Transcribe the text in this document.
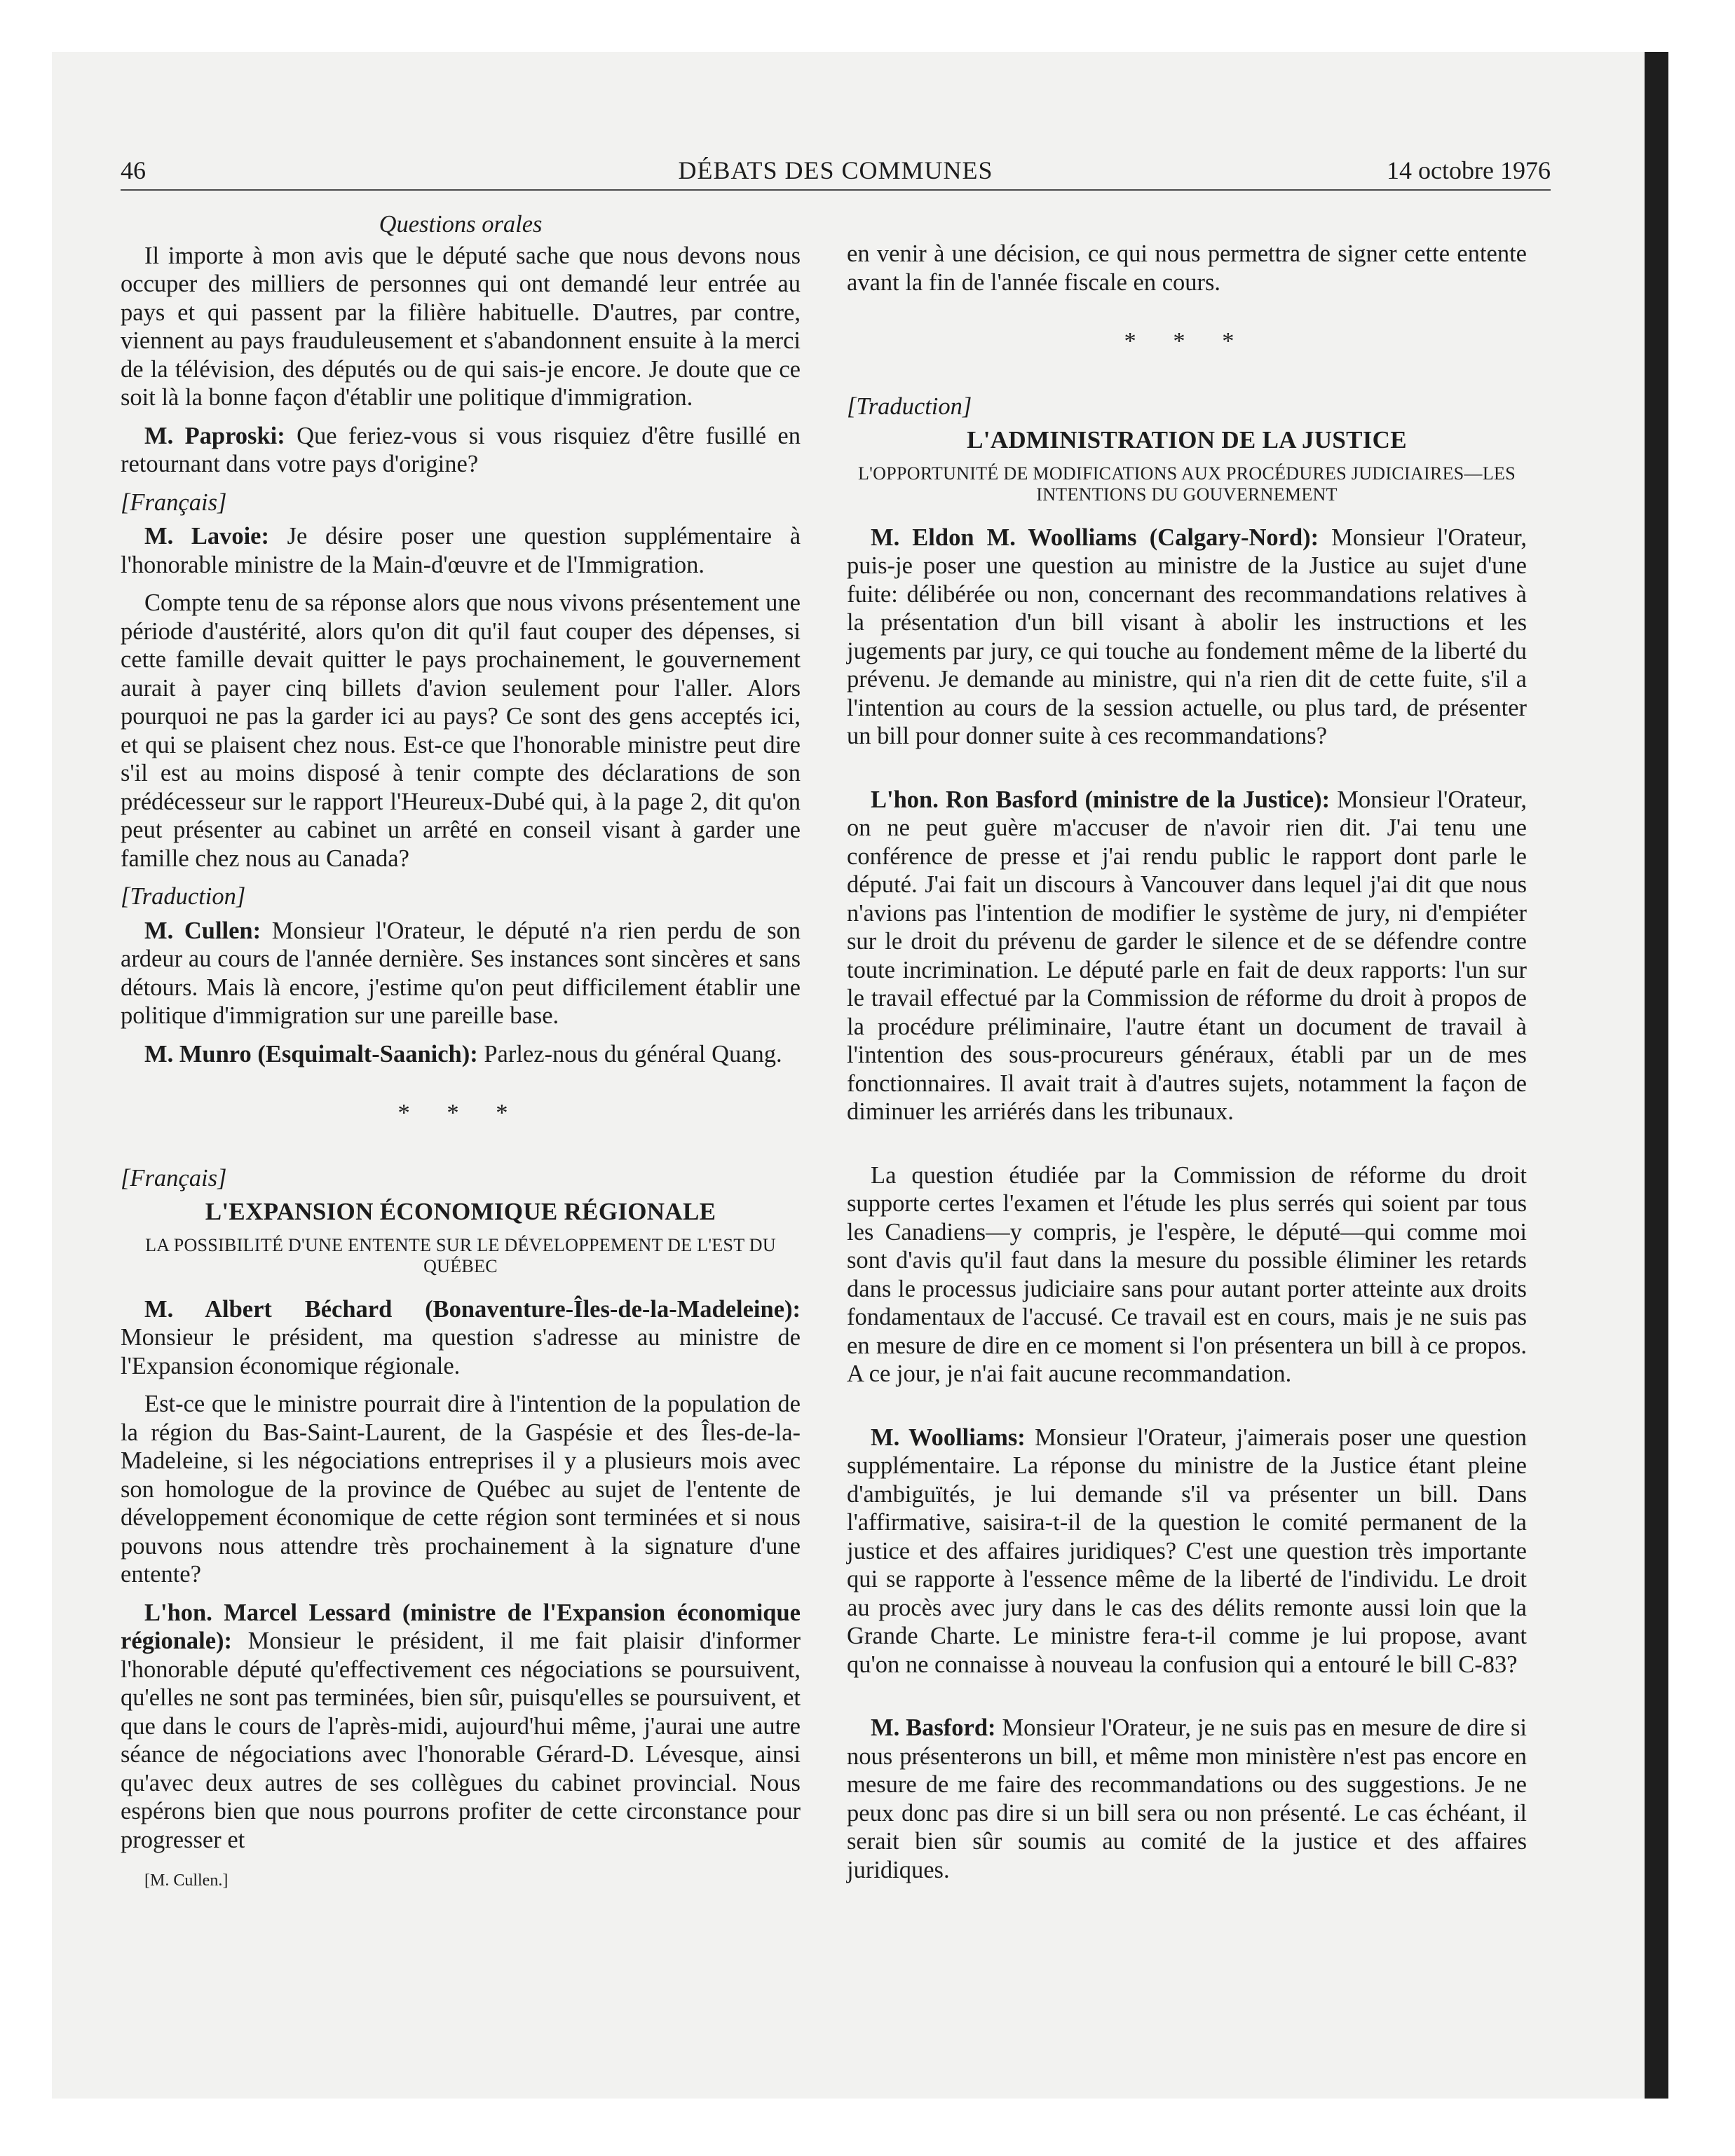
46	DÉBATS DES COMMUNES	14 octobre 1976
Questions orales

Il importe à mon avis que le député sache que nous devons nous occuper des milliers de personnes qui ont demandé leur entrée au pays et qui passent par la filière habituelle. D'autres, par contre, viennent au pays frauduleusement et s'abandonnent ensuite à la merci de la télévision, des députés ou de qui sais-je encore. Je doute que ce soit là la bonne façon d'établir une politique d'immigration.

M. Paproski: Que feriez-vous si vous risquiez d'être fusillé en retournant dans votre pays d'origine?

[Français]

M. Lavoie: Je désire poser une question supplémentaire à l'honorable ministre de la Main-d'œuvre et de l'Immigration.

Compte tenu de sa réponse alors que nous vivons présentement une période d'austérité, alors qu'on dit qu'il faut couper des dépenses, si cette famille devait quitter le pays prochainement, le gouvernement aurait à payer cinq billets d'avion seulement pour l'aller. Alors pourquoi ne pas la garder ici au pays? Ce sont des gens acceptés ici, et qui se plaisent chez nous. Est-ce que l'honorable ministre peut dire s'il est au moins disposé à tenir compte des déclarations de son prédécesseur sur le rapport l'Heureux-Dubé qui, à la page 2, dit qu'on peut présenter au cabinet un arrêté en conseil visant à garder une famille chez nous au Canada?

[Traduction]

M. Cullen: Monsieur l'Orateur, le député n'a rien perdu de son ardeur au cours de l'année dernière. Ses instances sont sincères et sans détours. Mais là encore, j'estime qu'on peut difficilement établir une politique d'immigration sur une pareille base.

M. Munro (Esquimalt-Saanich): Parlez-nous du général Quang.

* * *
[Français]
L'EXPANSION ÉCONOMIQUE RÉGIONALE
LA POSSIBILITÉ D'UNE ENTENTE SUR LE DÉVELOPPEMENT DE L'EST DU QUÉBEC

M. Albert Béchard (Bonaventure-Îles-de-la-Madeleine): Monsieur le président, ma question s'adresse au ministre de l'Expansion économique régionale.

Est-ce que le ministre pourrait dire à l'intention de la population de la région du Bas-Saint-Laurent, de la Gaspésie et des Îles-de-la-Madeleine, si les négociations entreprises il y a plusieurs mois avec son homologue de la province de Québec au sujet de l'entente de développement économique de cette région sont terminées et si nous pouvons nous attendre très prochainement à la signature d'une entente?

L'hon. Marcel Lessard (ministre de l'Expansion économique régionale): Monsieur le président, il me fait plaisir d'informer l'honorable député qu'effectivement ces négociations se poursuivent, qu'elles ne sont pas terminées, bien sûr, puisqu'elles se poursuivent, et que dans le cours de l'après-midi, aujourd'hui même, j'aurai une autre séance de négociations avec l'honorable Gérard-D. Lévesque, ainsi qu'avec deux autres de ses collègues du cabinet provincial. Nous espérons bien que nous pourrons profiter de cette circonstance pour progresser et

[M. Cullen.]

en venir à une décision, ce qui nous permettra de signer cette entente avant la fin de l'année fiscale en cours.

* * *
[Traduction]
L'ADMINISTRATION DE LA JUSTICE
L'OPPORTUNITÉ DE MODIFICATIONS AUX PROCÉDURES JUDICIAIRES—LES INTENTIONS DU GOUVERNEMENT

M. Eldon M. Woolliams (Calgary-Nord): Monsieur l'Orateur, puis-je poser une question au ministre de la Justice au sujet d'une fuite: délibérée ou non, concernant des recommandations relatives à la présentation d'un bill visant à abolir les instructions et les jugements par jury, ce qui touche au fondement même de la liberté du prévenu. Je demande au ministre, qui n'a rien dit de cette fuite, s'il a l'intention au cours de la session actuelle, ou plus tard, de présenter un bill pour donner suite à ces recommandations?

L'hon. Ron Basford (ministre de la Justice): Monsieur l'Orateur, on ne peut guère m'accuser de n'avoir rien dit. J'ai tenu une conférence de presse et j'ai rendu public le rapport dont parle le député. J'ai fait un discours à Vancouver dans lequel j'ai dit que nous n'avions pas l'intention de modifier le système de jury, ni d'empiéter sur le droit du prévenu de garder le silence et de se défendre contre toute incrimination. Le député parle en fait de deux rapports: l'un sur le travail effectué par la Commission de réforme du droit à propos de la procédure préliminaire, l'autre étant un document de travail à l'intention des sous-procureurs généraux, établi par un de mes fonctionnaires. Il avait trait à d'autres sujets, notamment la façon de diminuer les arriérés dans les tribunaux.

La question étudiée par la Commission de réforme du droit supporte certes l'examen et l'étude les plus serrés qui soient par tous les Canadiens—y compris, je l'espère, le député—qui comme moi sont d'avis qu'il faut dans la mesure du possible éliminer les retards dans le processus judiciaire sans pour autant porter atteinte aux droits fondamentaux de l'accusé. Ce travail est en cours, mais je ne suis pas en mesure de dire en ce moment si l'on présentera un bill à ce propos. A ce jour, je n'ai fait aucune recommandation.

M. Woolliams: Monsieur l'Orateur, j'aimerais poser une question supplémentaire. La réponse du ministre de la Justice étant pleine d'ambiguïtés, je lui demande s'il va présenter un bill. Dans l'affirmative, saisira-t-il de la question le comité permanent de la justice et des affaires juridiques? C'est une question très importante qui se rapporte à l'essence même de la liberté de l'individu. Le droit au procès avec jury dans le cas des délits remonte aussi loin que la Grande Charte. Le ministre fera-t-il comme je lui propose, avant qu'on ne connaisse à nouveau la confusion qui a entouré le bill C-83?

M. Basford: Monsieur l'Orateur, je ne suis pas en mesure de dire si nous présenterons un bill, et même mon ministère n'est pas encore en mesure de me faire des recommandations ou des suggestions. Je ne peux donc pas dire si un bill sera ou non présenté. Le cas échéant, il serait bien sûr soumis au comité de la justice et des affaires juridiques.
